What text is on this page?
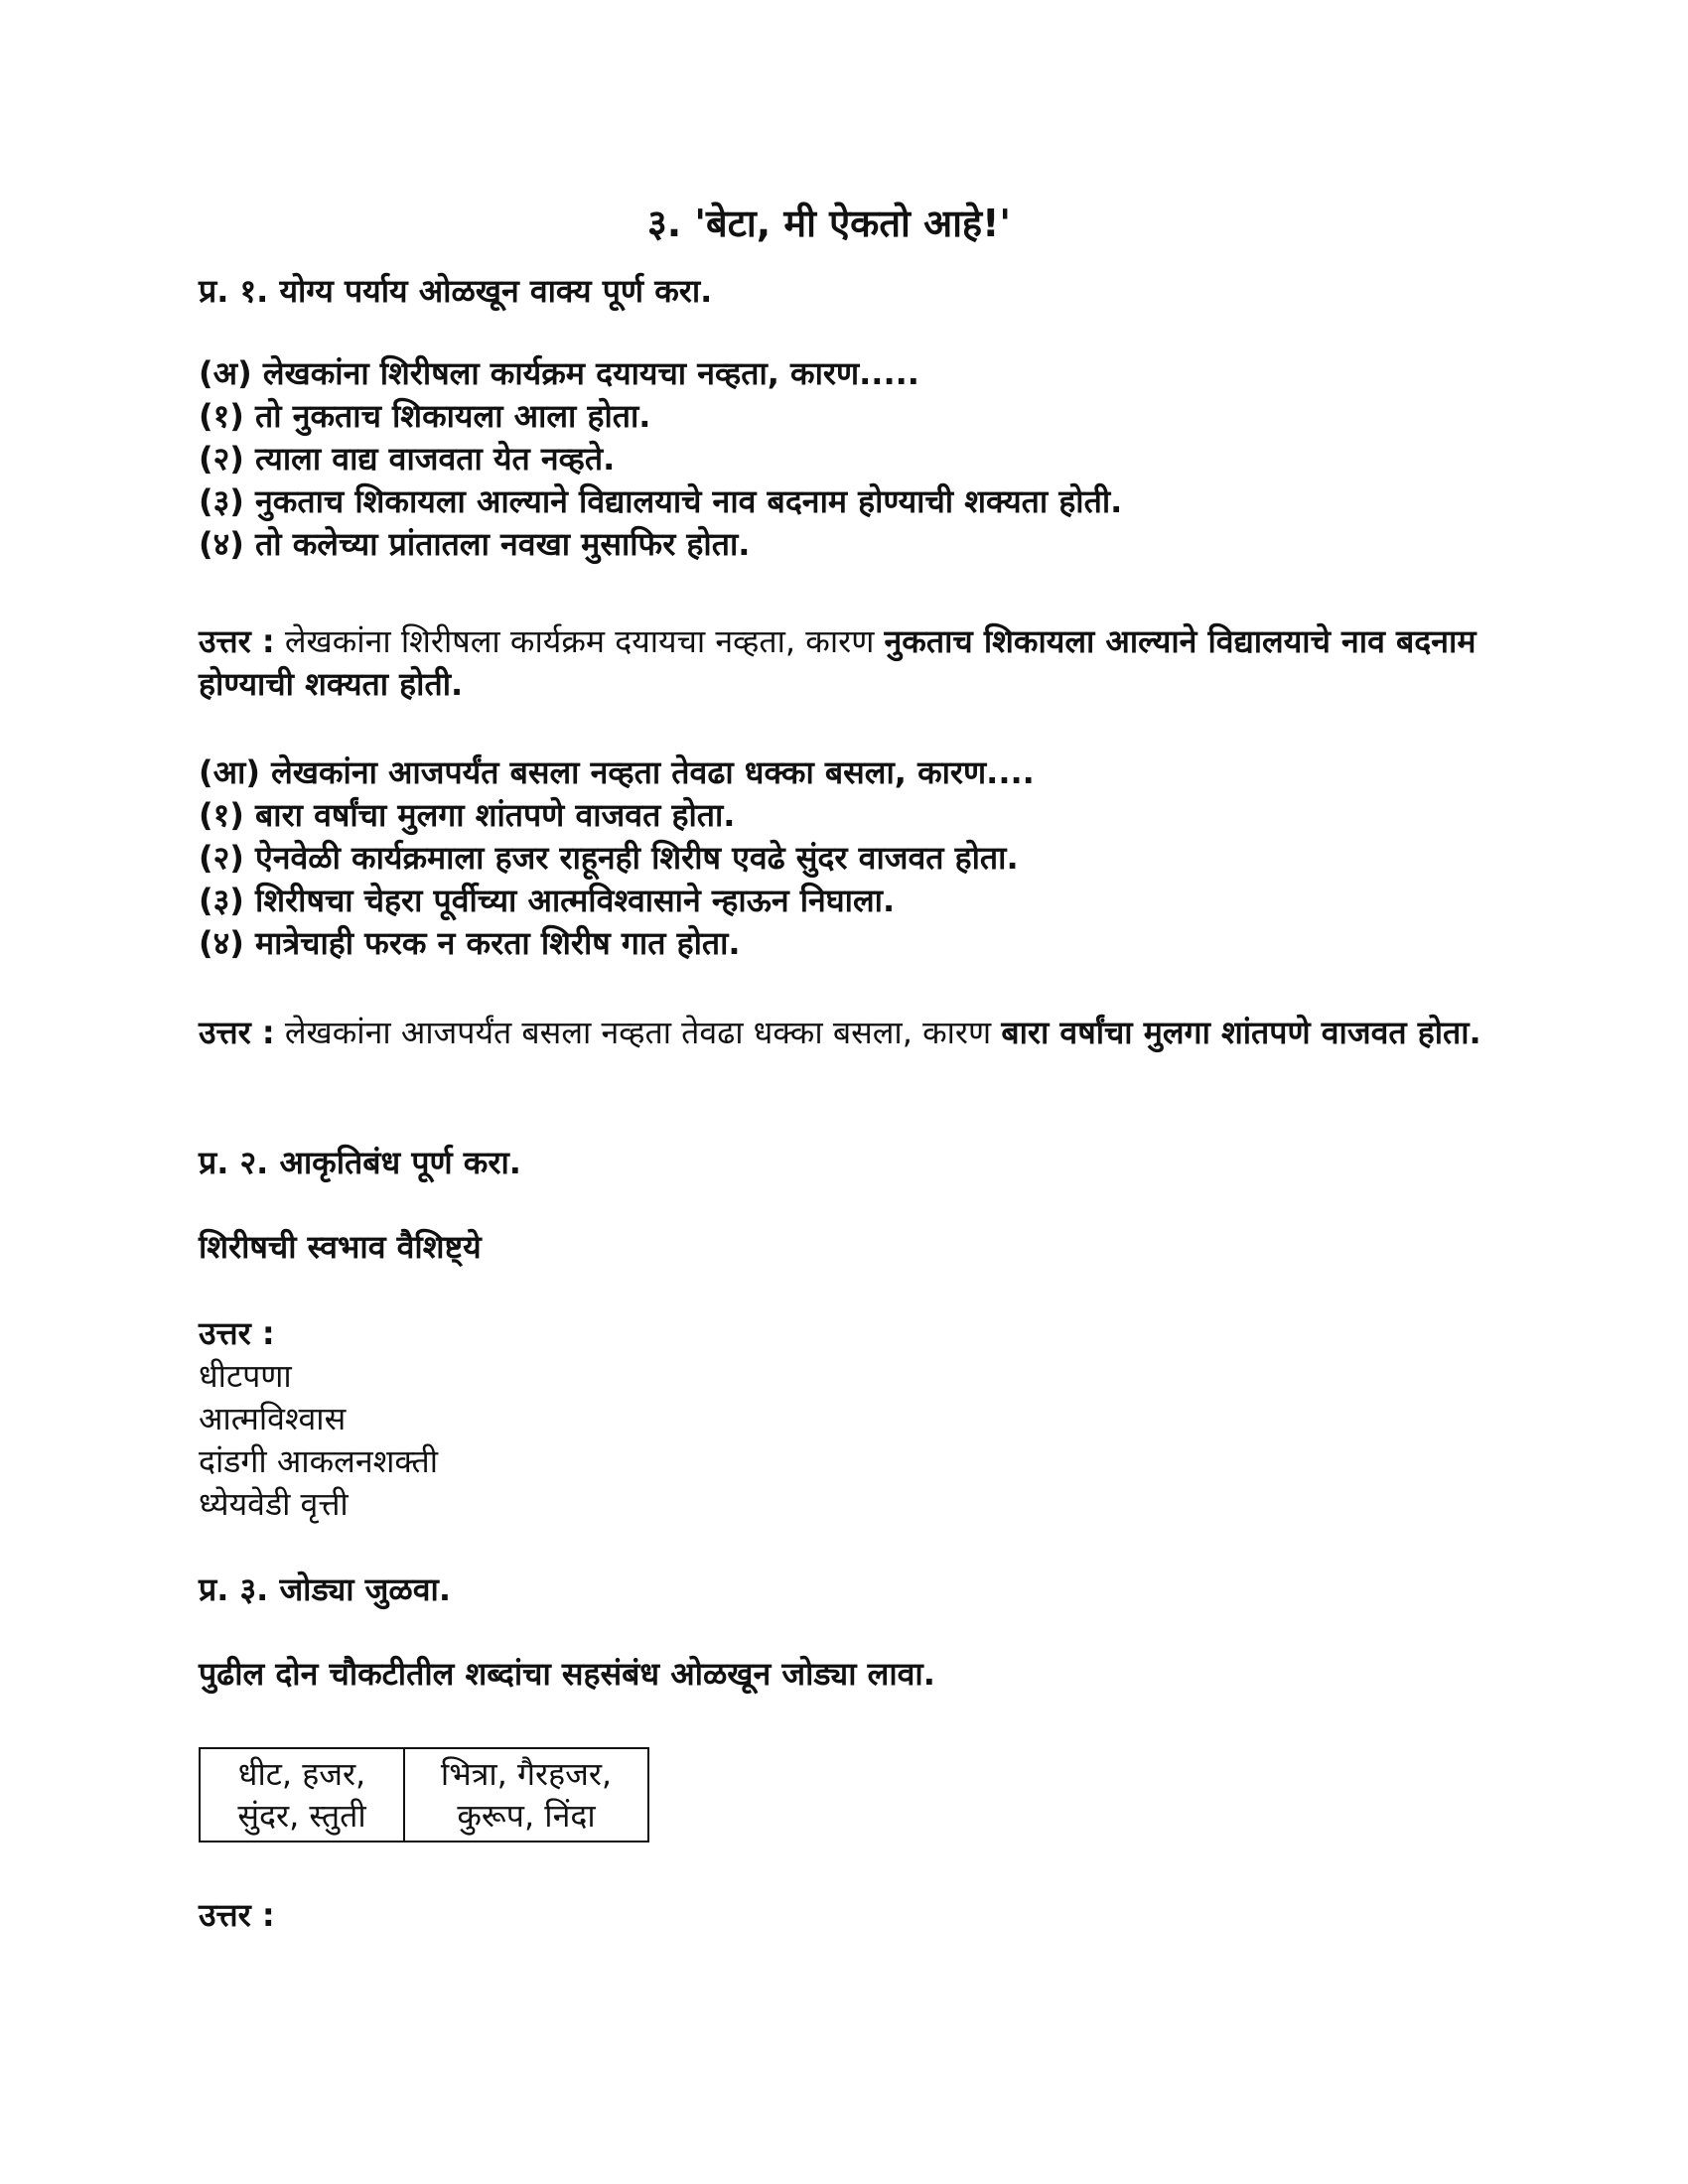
३. 'बेटा, मी ऐकतो आहे!'
प्र. १. योग्य पर्याय ओळखून वाक्य पूर्ण करा.
(अ) लेखकांना शिरीषला कार्यक्रम दयायचा नव्हता, कारण.....
(१) तो नुकताच शिकायला आला होता.
(२) त्याला वाद्य वाजवता येत नव्हते.
(३) नुकताच शिकायला आल्याने विद्यालयाचे नाव बदनाम होण्याची शक्यता होती.
(४) तो कलेच्या प्रांतातला नवखा मुसाफिर होता.
उत्तर : लेखकांना शिरीषला कार्यक्रम दयायचा नव्हता, कारण नुकताच शिकायला आल्याने विद्यालयाचे नाव बदनाम होण्याची शक्यता होती.
(आ) लेखकांना आजपर्यंत बसला नव्हता तेवढा धक्का बसला, कारण....
(१) बारा वर्षांचा मुलगा शांतपणे वाजवत होता.
(२) ऐनवेळी कार्यक्रमाला हजर राहूनही शिरीष एवढे सुंदर वाजवत होता.
(३) शिरीषचा चेहरा पूर्वीच्या आत्मविश्वासाने न्हाऊन निघाला.
(४) मात्रेचाही फरक न करता शिरीष गात होता.
उत्तर : लेखकांना आजपर्यंत बसला नव्हता तेवढा धक्का बसला, कारण बारा वर्षांचा मुलगा शांतपणे वाजवत होता.
प्र. २. आकृतिबंध पूर्ण करा.
शिरीषची स्वभाव वैशिष्ट्ये
उत्तर :
धीटपणा
आत्मविश्वास
दांडगी आकलनशक्ती
ध्येयवेडी वृत्ती
प्र. ३. जोड्या जुळवा.
पुढील दोन चौकटीतील शब्दांचा सहसंबंध ओळखून जोड्या लावा.
धीट, हजर,
सुंदर, स्तुती

भित्रा, गैरहजर,
कुरूप, निंदा
उत्तर :
